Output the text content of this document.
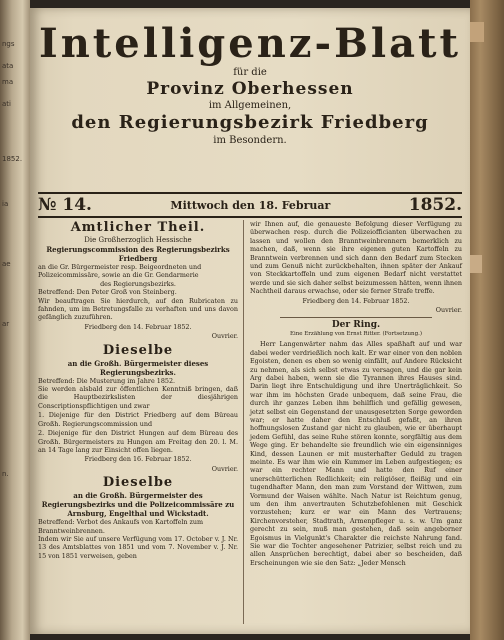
ngs
ata
ma
ati
1852.
ia
ae
ar
n.
Intelligenz-Blatt
für die
Provinz Oberhessen
im Allgemeinen,
den Regierungsbezirk Friedberg
im Besondern.
№ 14.	Mittwoch den 18. Februar	1852.
Amtlicher Theil.
Die Großherzoglich Hessische
Regierungscommission des Regierungsbezirks Friedberg

an die Gr. Bürgermeister resp. Beigeordneten und

Polizeicommissäre, sowie an die Gr. Gendarmerie

des Regierungsbezirks.

Betreffend: Den Peter Groß von Steinberg.

Wir beauftragen Sie hierdurch, auf den Rubricaten zu fahnden, um im Betretungsfalle zu verhaften und uns davon gefänglich zuzuführen.

Friedberg den 14. Februar 1852.

Ouvrier.

Dieselbe
an die Großh. Bürgermeister dieses Regierungsbezirks.

Betreffend: Die Musterung im Jahre 1852.

Sie werden alsbald zur öffentlichen Kenntniß bringen, daß die Hauptbezirkslisten der diesjährigen Conscriptionspflichtigen und zwar

1. Diejenige für den District Friedberg auf dem Büreau Großh. Regierungscommission und

2. Diejenige für den District Hungen auf dem Büreau des Großh. Bürgermeisters zu Hungen am Freitag den 20. l. M. an 14 Tage lang zur Einsicht offen liegen.

Friedberg den 16. Februar 1852.

Ouvrier.

Dieselbe
an die Großh. Bürgermeister des Regierungsbezirks und die Polizeicommissäre zu Arnsburg, Engelthal und Wickstadt.

Betreffend: Verbot des Ankaufs von Kartoffeln zum Branntweinbrennen.

Indem wir Sie auf unsere Verfügung vom 17. October v. J. Nr. 13 des Amtsblattes von 1851 und vom 7. November v. J. Nr. 15 von 1851 verweisen, geben

wir Ihnen auf, die genaueste Befolgung dieser Verfügung zu überwachen resp. durch die Polizeiofficianten überwachen zu lassen und wollen den Branntweinbrennern bemerklich zu machen, daß, wenn sie ihre eigenen guten Kartoffeln zu Branntwein verbrennen und sich dann den Bedarf zum Stecken und zum Genuß nicht zurückbehalten, ihnen später der Ankauf von Steckkartoffeln und zum eigenen Bedarf nicht verstattet werde und sie sich daher selbst beizumessen hätten, wenn ihnen Nachtheil daraus erwachse, oder sie ferner Strafe treffe.

Friedberg den 14. Februar 1852.

Ouvrier.

Der Ring.
Eine Erzählung von Ernst Ritter. (Fortsetzung.)

Herr Langenwärter nahm das Alles spaßhaft auf und war dabei weder verdrießlich noch kalt. Er war einer von den noblen Egoisten, denen es eben so wenig einfällt, auf Andere Rücksicht zu nehmen, als sich selbst etwas zu versagen, und die gar kein Arg dabei haben, wenn sie die Tyrannen ihres Hauses sind. Darin liegt ihre Entschuldigung und ihre Unerträglichkeit. So war ihm im höchsten Grade unbequem, daß seine Frau, die durch ihr ganzes Leben ihm behilflich und gefällig gewesen, jetzt selbst ein Gegenstand der unausgesetzten Sorge geworden war; er hatte daher den Entschluß gefaßt, an ihren hoffnungslosen Zustand gar nicht zu glauben, wie er überhaupt jedem Gefühl, das seine Ruhe stören konnte, sorgfältig aus dem Wege ging. Er behandelte sie freundlich wie ein eigensinniges Kind, dessen Launen er mit musterhafter Geduld zu tragen meinte. Es war ihm wie ein Kummer im Leben aufgestiegen; es war ein rechter Mann und hatte den Ruf einer unerschütterlichen Redlichkeit; ein religiöser, fleißig und ein tugendhafter Mann, den man zum Vorstand der Wittwen, zum Vormund der Waisen wählte. Nach Natur ist Reichtum genug, um den ihm anvertrauten Schutzbefohlenen mit Geschick vorzustehen; kurz er war ein Mann des Vertrauens; Kirchenvorsteher, Stadtrath, Armenpfleger u. s. w. Um ganz gerecht zu sein, muß man gestehen, daß sein angeborner Egoismus in Vielgunkt's Charakter die reichste Nahrung fand. Sie war die Tochter angesehener Patrizier, selbst reich und zu allen Ansprüchen berechtigt, dabei aber so bescheiden, daß Erscheinungen wie sie den Satz: „Jeder Mensch
